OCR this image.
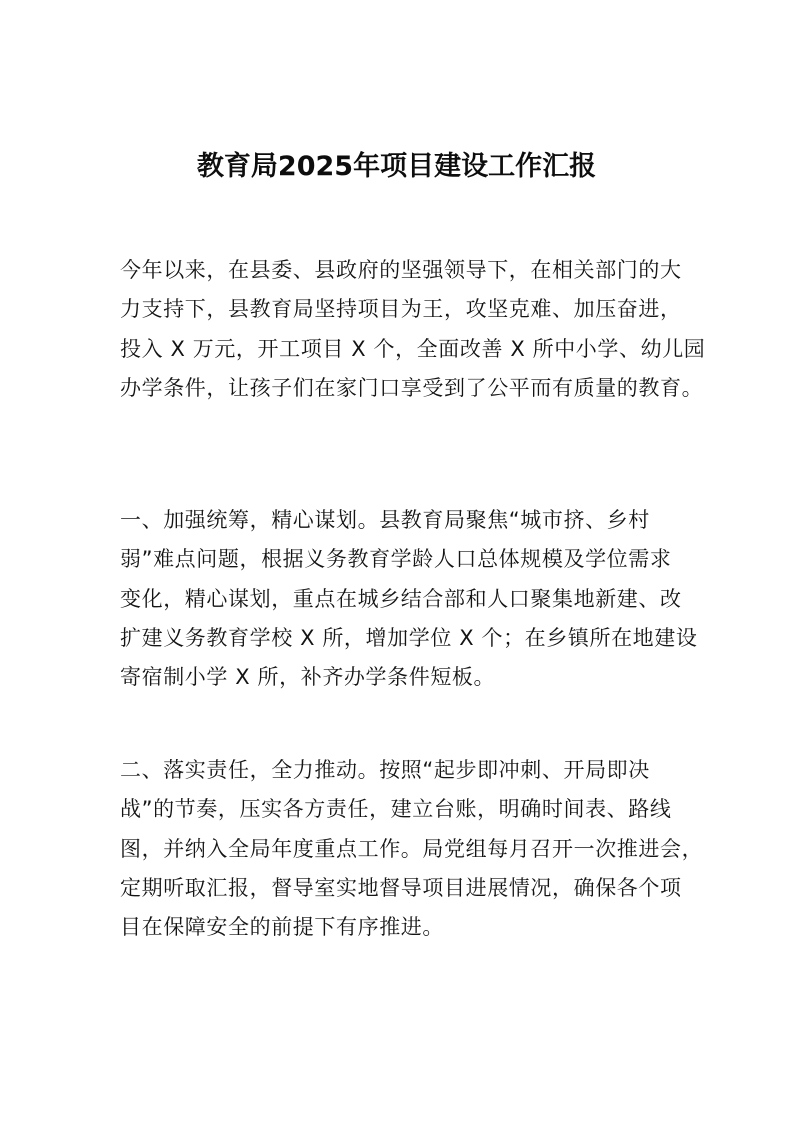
教育局2025年项目建设工作汇报
今年以来，在县委、县政府的坚强领导下，在相关部门的大
力支持下，县教育局坚持项目为王，攻坚克难、加压奋进，
投入 X 万元，开工项目 X 个，全面改善 X 所中小学、幼儿园
办学条件，让孩子们在家门口享受到了公平而有质量的教育。
一、加强统筹，精心谋划。县教育局聚焦“城市挤、乡村
弱”难点问题，根据义务教育学龄人口总体规模及学位需求
变化，精心谋划，重点在城乡结合部和人口聚集地新建、改
扩建义务教育学校 X 所，增加学位 X 个；在乡镇所在地建设
寄宿制小学 X 所，补齐办学条件短板。
二、落实责任，全力推动。按照“起步即冲刺、开局即决
战”的节奏，压实各方责任，建立台账，明确时间表、路线
图，并纳入全局年度重点工作。局党组每月召开一次推进会，
定期听取汇报，督导室实地督导项目进展情况，确保各个项
目在保障安全的前提下有序推进。
